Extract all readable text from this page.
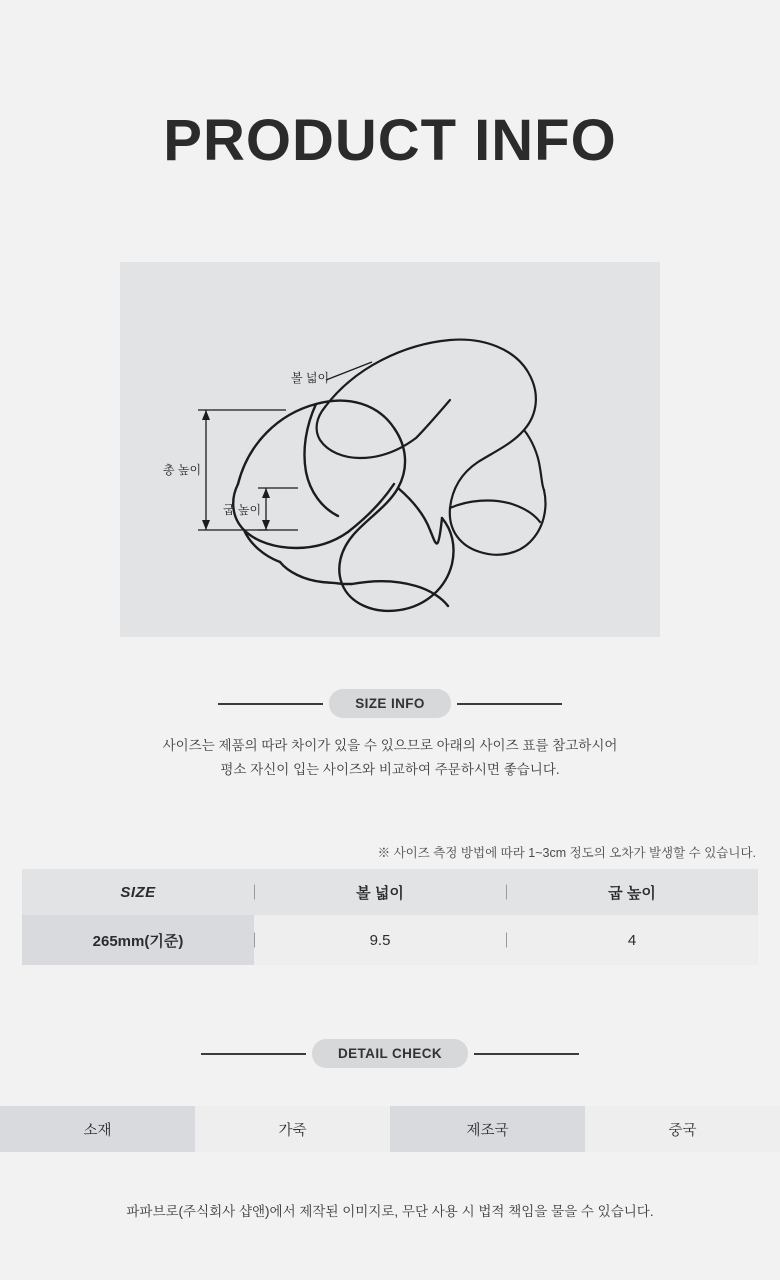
PRODUCT INFO
볼 넓이
총 높이
굽 높이
SIZE INFO
사이즈는 제품의 따라 차이가 있을 수 있으므로 아래의 사이즈 표를 참고하시어
평소 자신이 입는 사이즈와 비교하여 주문하시면 좋습니다.
※ 사이즈 측정 방법에 따라 1~3cm 정도의 오차가 발생할 수 있습니다.
SIZE	볼 넓이	굽 높이
265mm(기준)	9.5	4
DETAIL CHECK
소재	가죽	제조국	중국
파파브로(주식회사 샵앤)에서 제작된 이미지로, 무단 사용 시 법적 책임을 물을 수 있습니다.
